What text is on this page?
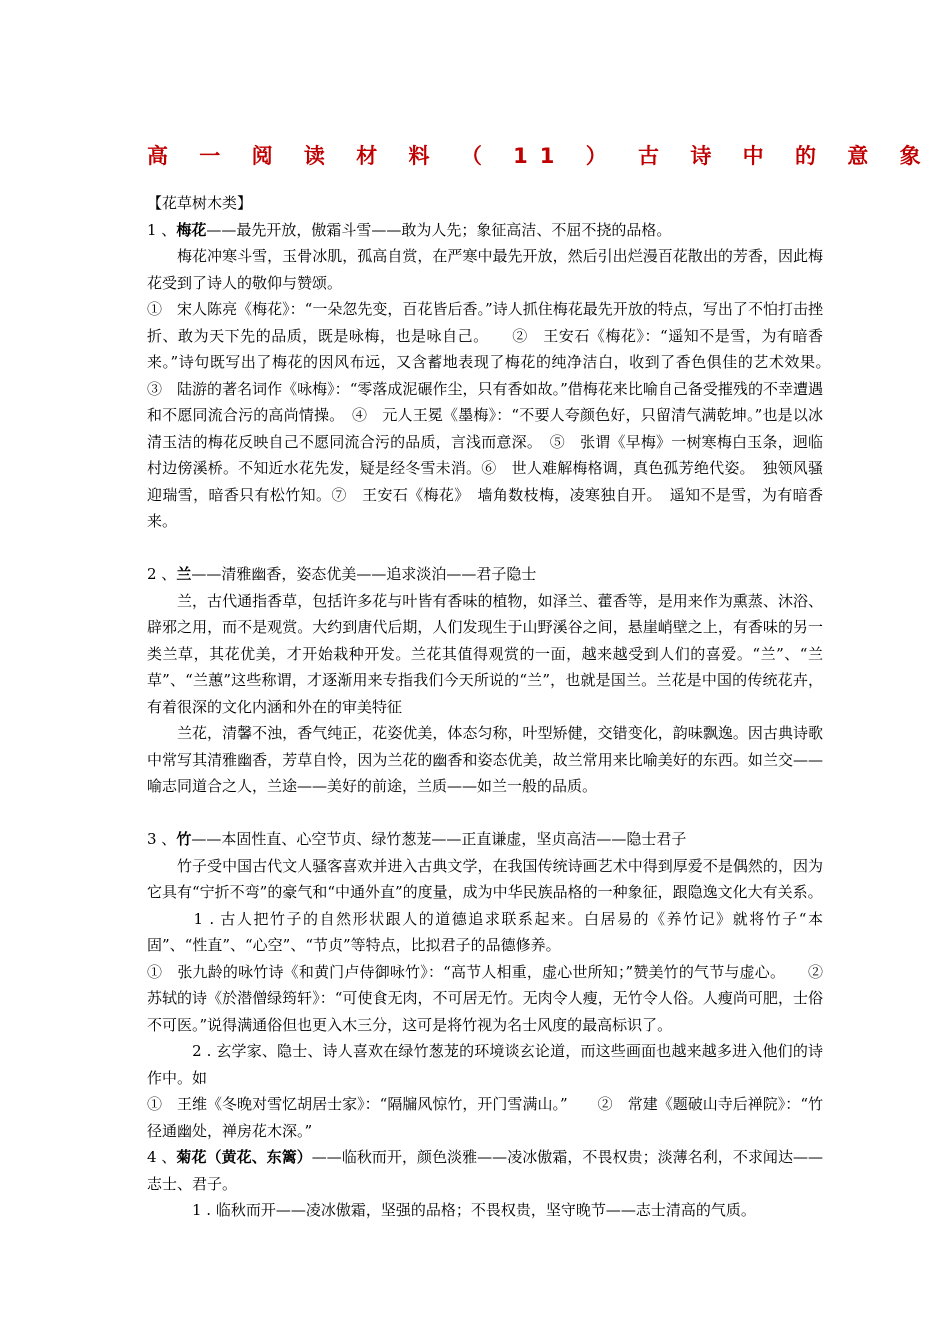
高 一 阅 读 材 料 （ 11 ） 古 诗 中 的 意 象

【花草树木类】

1 、梅花——最先开放，傲霜斗雪——敢为人先；象征高洁、不屈不挠的品格。

梅花冲寒斗雪，玉骨冰肌，孤高自赏，在严寒中最先开放，然后引出烂漫百花散出的芳香，因此梅花受到了诗人的敬仰与赞颂。

①　宋人陈亮《梅花》：“一朵忽先变，百花皆后香。”诗人抓住梅花最先开放的特点，写出了不怕打击挫折、敢为天下先的品质，既是咏梅，也是咏自己。　　②　王安石《梅花》：“遥知不是雪，为有暗香来。”诗句既写出了梅花的因风布远，又含蓄地表现了梅花的纯净洁白，收到了香色俱佳的艺术效果。　　③　陆游的著名词作《咏梅》：“零落成泥碾作尘，只有香如故。”借梅花来比喻自己备受摧残的不幸遭遇和不愿同流合污的高尚情操。　④　元人王冕《墨梅》：“不要人夸颜色好，只留清气满乾坤。”也是以冰清玉洁的梅花反映自己不愿同流合污的品质，言浅而意深。　⑤　张谓《早梅》一树寒梅白玉条，迥临村边傍溪桥。不知近水花先发，疑是经冬雪未消。⑥　世人难解梅格调，真色孤芳绝代姿。　独领风骚迎瑞雪，暗香只有松竹知。⑦　王安石《梅花》　墙角数枝梅，凌寒独自开。　遥知不是雪，为有暗香来。

2 、兰——清雅幽香，姿态优美——追求淡泊——君子隐士

兰，古代通指香草，包括许多花与叶皆有香味的植物，如泽兰、藿香等，是用来作为熏蒸、沐浴、辟邪之用，而不是观赏。大约到唐代后期，人们发现生于山野溪谷之间，悬崖峭壁之上，有香味的另一类兰草，其花优美，才开始栽种开发。兰花其值得观赏的一面，越来越受到人们的喜爱。“兰”、“兰草”、“兰蕙”这些称谓，才逐渐用来专指我们今天所说的“兰”，也就是国兰。兰花是中国的传统花卉，有着很深的文化内涵和外在的审美特征

兰花，清馨不浊，香气纯正，花姿优美，体态匀称，叶型矫健，交错变化，韵味飘逸。因古典诗歌中常写其清雅幽香，芳草自怜，因为兰花的幽香和姿态优美，故兰常用来比喻美好的东西。如兰交——喻志同道合之人，兰途——美好的前途，兰质——如兰一般的品质。

3 、竹——本固性直、心空节贞、绿竹葱茏——正直谦虚，坚贞高洁——隐士君子

竹子受中国古代文人骚客喜欢并进入古典文学，在我国传统诗画艺术中得到厚爱不是偶然的，因为它具有“宁折不弯”的豪气和“中通外直”的度量，成为中华民族品格的一种象征，跟隐逸文化大有关系。

　1 . 古人把竹子的自然形状跟人的道德追求联系起来。白居易的《养竹记》就将竹子“本固”、“性直”、“心空”、“节贞”等特点，比拟君子的品德修养。

①　张九龄的咏竹诗《和黄门卢侍御咏竹》：“高节人相重，虚心世所知；”赞美竹的气节与虚心。　　②　苏轼的诗《於潜僧绿筠轩》：“可使食无肉，不可居无竹。无肉令人瘦，无竹令人俗。人瘦尚可肥，士俗不可医。”说得满通俗但也更入木三分，这可是将竹视为名士风度的最高标识了。

　2 . 玄学家、隐士、诗人喜欢在绿竹葱茏的环境谈玄论道，而这些画面也越来越多进入他们的诗作中。如

①　王维《冬晚对雪忆胡居士家》：“隔牖风惊竹，开门雪满山。”　　②　常建《题破山寺后禅院》：“竹径通幽处，禅房花木深。”

4 、菊花（黄花、东篱）——临秋而开，颜色淡雅——凌冰傲霜，不畏权贵；淡薄名利，不求闻达——志士、君子。

　1 . 临秋而开——凌冰傲霜，坚强的品格；不畏权贵，坚守晚节——志士清高的气质。
